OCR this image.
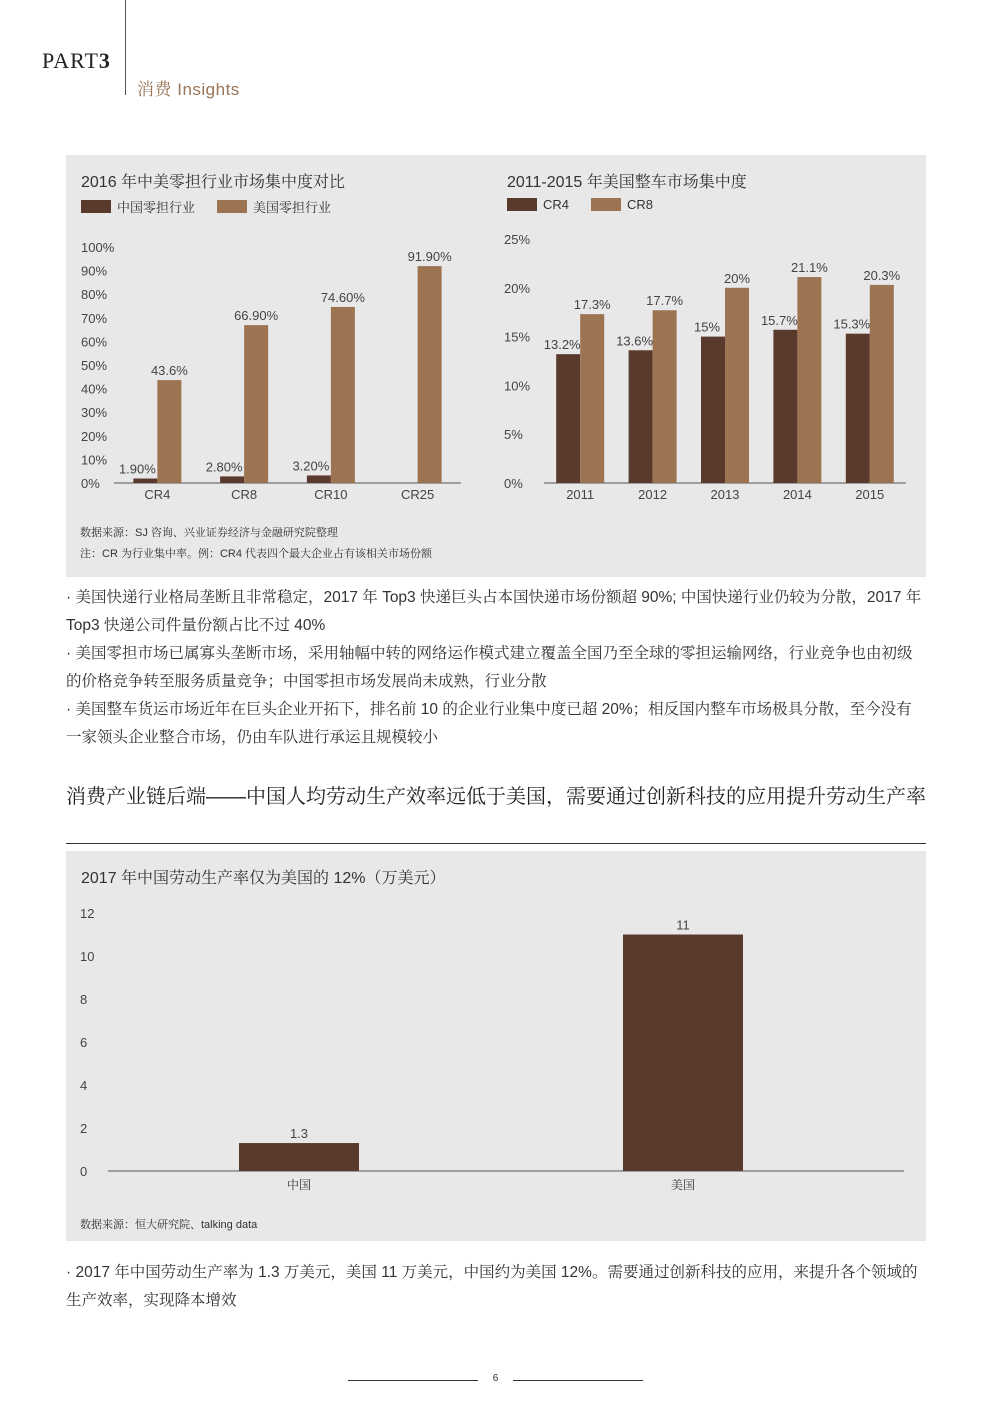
PART3
消费 Insights
2016 年中美零担行业市场集中度对比
中国零担行业	美国零担行业
0%
10%
20%
30%
40%
50%
60%
70%
80%
90%
100%
CR4
1.90%
43.6%
CR8
2.80%
66.90%
CR10
3.20%
74.60%
CR25
91.90%
2011-2015 年美国整车市场集中度
CR4	CR8
0%
5%
10%
15%
20%
25%
2011
13.2%
17.3%
2012
13.6%
17.7%
2013
15%
20%
2014
15.7%
21.1%
2015
15.3%
20.3%
数据来源：SJ 咨询、兴业证券经济与金融研究院整理
注：CR 为行业集中率。例：CR4 代表四个最大企业占有该相关市场份额

· 美国快递行业格局垄断且非常稳定，2017 年 Top3 快递巨头占本国快递市场份额超 90%; 中国快递行业仍较为分散，2017 年 Top3 快递公司件量份额占比不过 40%

· 美国零担市场已属寡头垄断市场，采用轴幅中转的网络运作模式建立覆盖全国乃至全球的零担运输网络，行业竞争也由初级的价格竞争转至服务质量竞争；中国零担市场发展尚未成熟，行业分散

· 美国整车货运市场近年在巨头企业开拓下，排名前 10 的企业行业集中度已超 20%；相反国内整车市场极具分散，至今没有一家领头企业整合市场，仍由车队进行承运且规模较小

消费产业链后端——中国人均劳动生产效率远低于美国，需要通过创新科技的应用提升劳动生产率
2017 年中国劳动生产率仅为美国的 12%（万美元）
0
2
4
6
8
10
12
1.3
中国
11
美国
数据来源：恒大研究院、talking data
· 2017 年中国劳动生产率为 1.3 万美元，美国 11 万美元，中国约为美国 12%。需要通过创新科技的应用，来提升各个领域的生产效率，实现降本增效
6
